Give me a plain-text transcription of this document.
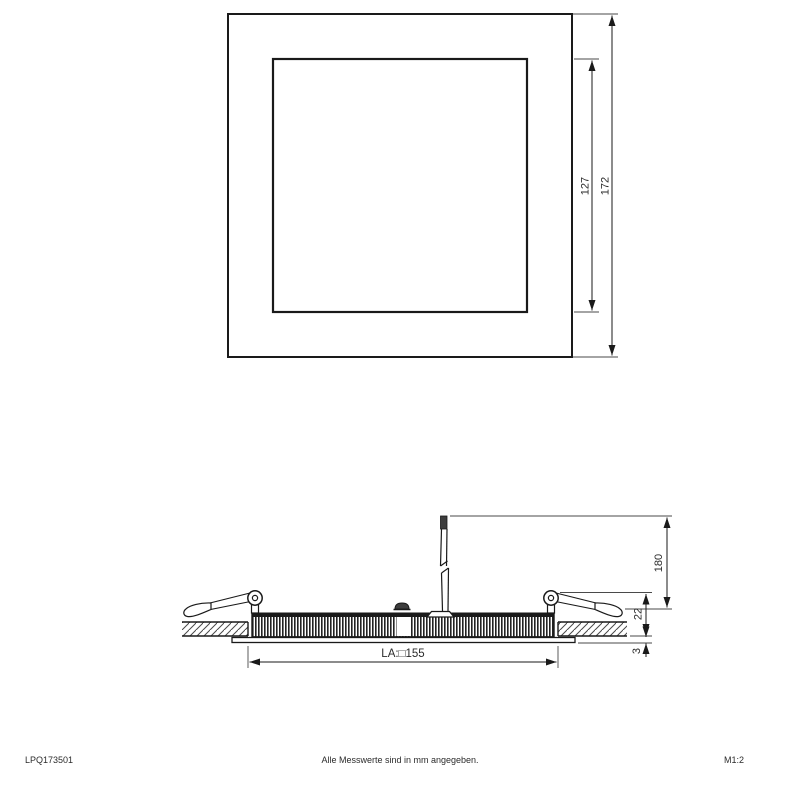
127 172
180
22
3
LA:□155
LPQ173501	Alle Messwerte sind in mm angegeben.	M1:2
